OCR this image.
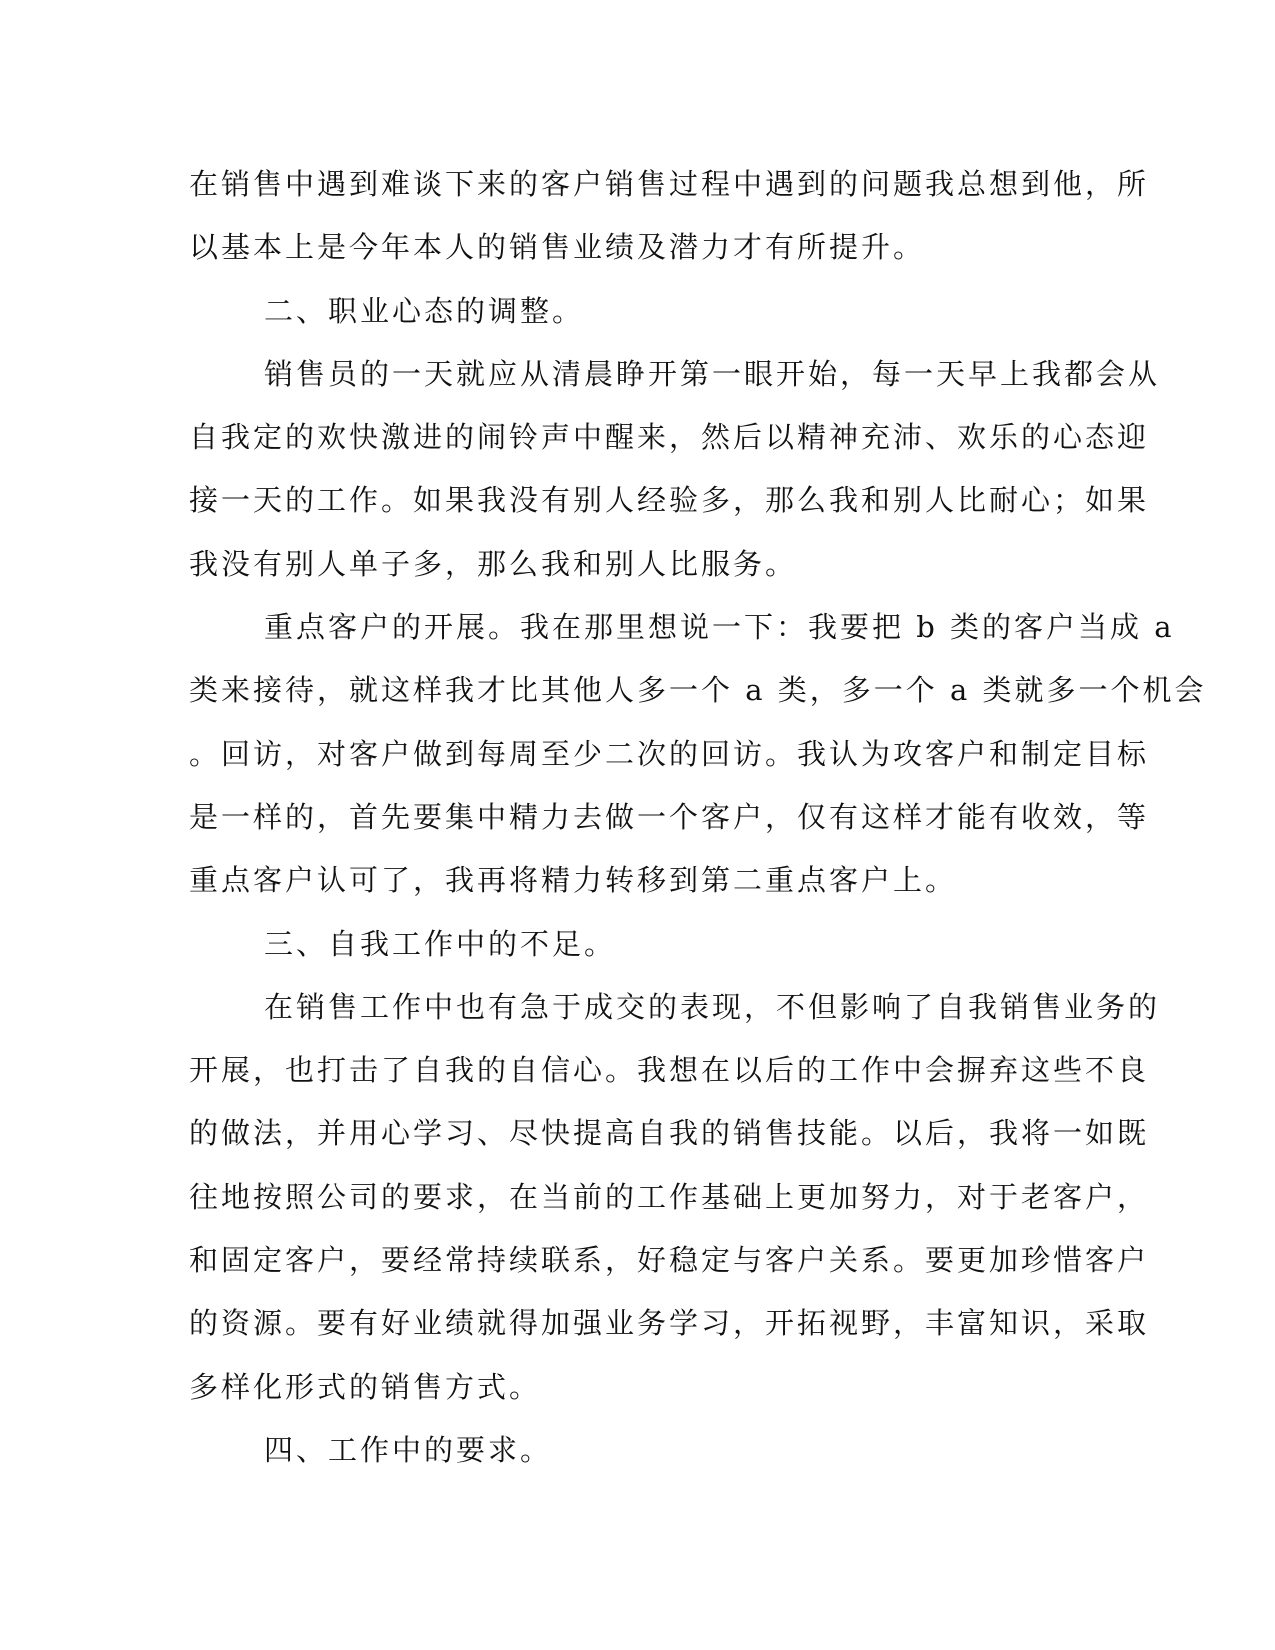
在销售中遇到难谈下来的客户销售过程中遇到的问题我总想到他，所
以基本上是今年本人的销售业绩及潜力才有所提升。
二、职业心态的调整。
销售员的一天就应从清晨睁开第一眼开始，每一天早上我都会从
自我定的欢快激进的闹铃声中醒来，然后以精神充沛、欢乐的心态迎
接一天的工作。如果我没有别人经验多，那么我和别人比耐心；如果
我没有别人单子多，那么我和别人比服务。
重点客户的开展。我在那里想说一下：我要把 b 类的客户当成 a
类来接待，就这样我才比其他人多一个 a 类，多一个 a 类就多一个机会
。回访，对客户做到每周至少二次的回访。我认为攻客户和制定目标
是一样的，首先要集中精力去做一个客户，仅有这样才能有收效，等
重点客户认可了，我再将精力转移到第二重点客户上。
三、自我工作中的不足。
在销售工作中也有急于成交的表现，不但影响了自我销售业务的
开展，也打击了自我的自信心。我想在以后的工作中会摒弃这些不良
的做法，并用心学习、尽快提高自我的销售技能。以后，我将一如既
往地按照公司的要求，在当前的工作基础上更加努力，对于老客户，
和固定客户，要经常持续联系，好稳定与客户关系。要更加珍惜客户
的资源。要有好业绩就得加强业务学习，开拓视野，丰富知识，采取
多样化形式的销售方式。
四、工作中的要求。
